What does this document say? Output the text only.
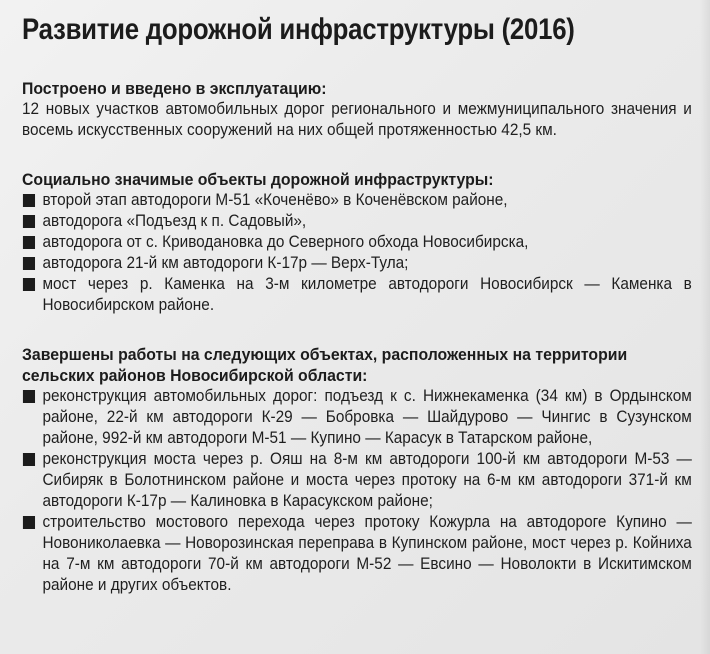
Развитие дорожной инфраструктуры (2016)
Построено и введено в эксплуатацию:
12 новых участков автомобильных дорог регионального и межмуниципального значения и восемь искусственных сооружений на них общей протяженностью 42,5 км.
Социально значимые объекты дорожной инфраструктуры:
второй этап автодороги М-51 «Коченёво» в Коченёвском районе,
автодорога «Подъезд к п. Садовый»,
автодорога от с. Криводановка до Северного обхода Новосибирска,
автодорога 21-й км автодороги К-17р — Верх-Тула;
мост через р. Каменка на 3-м километре автодороги Новосибирск — Каменка в Новосибирском районе.
Завершены работы на следующих объектах, расположенных на территории сельских районов Новосибирской области:
реконструкция автомобильных дорог: подъезд к с. Нижнекаменка (34 км) в Ордынском районе, 22-й км автодороги К-29 — Бобровка — Шайдурово — Чингис в Сузунском районе, 992-й км автодороги М-51 — Купино — Карасук в Татарском районе,
реконструкция моста через р. Ояш на 8-м км автодороги 100-й км автодороги М-53 — Сибиряк в Болотнинском районе и моста через протоку на 6-м км автодороги 371-й км автодороги К-17р — Калиновка в Карасукском районе;
строительство мостового перехода через протоку Кожурла на автодороге Купино — Новониколаевка — Новорозинская переправа в Купинском районе, мост через р. Койниха на 7-м км автодороги 70-й км автодороги М-52 — Евсино — Новолокти в Искитимском районе и других объектов.
